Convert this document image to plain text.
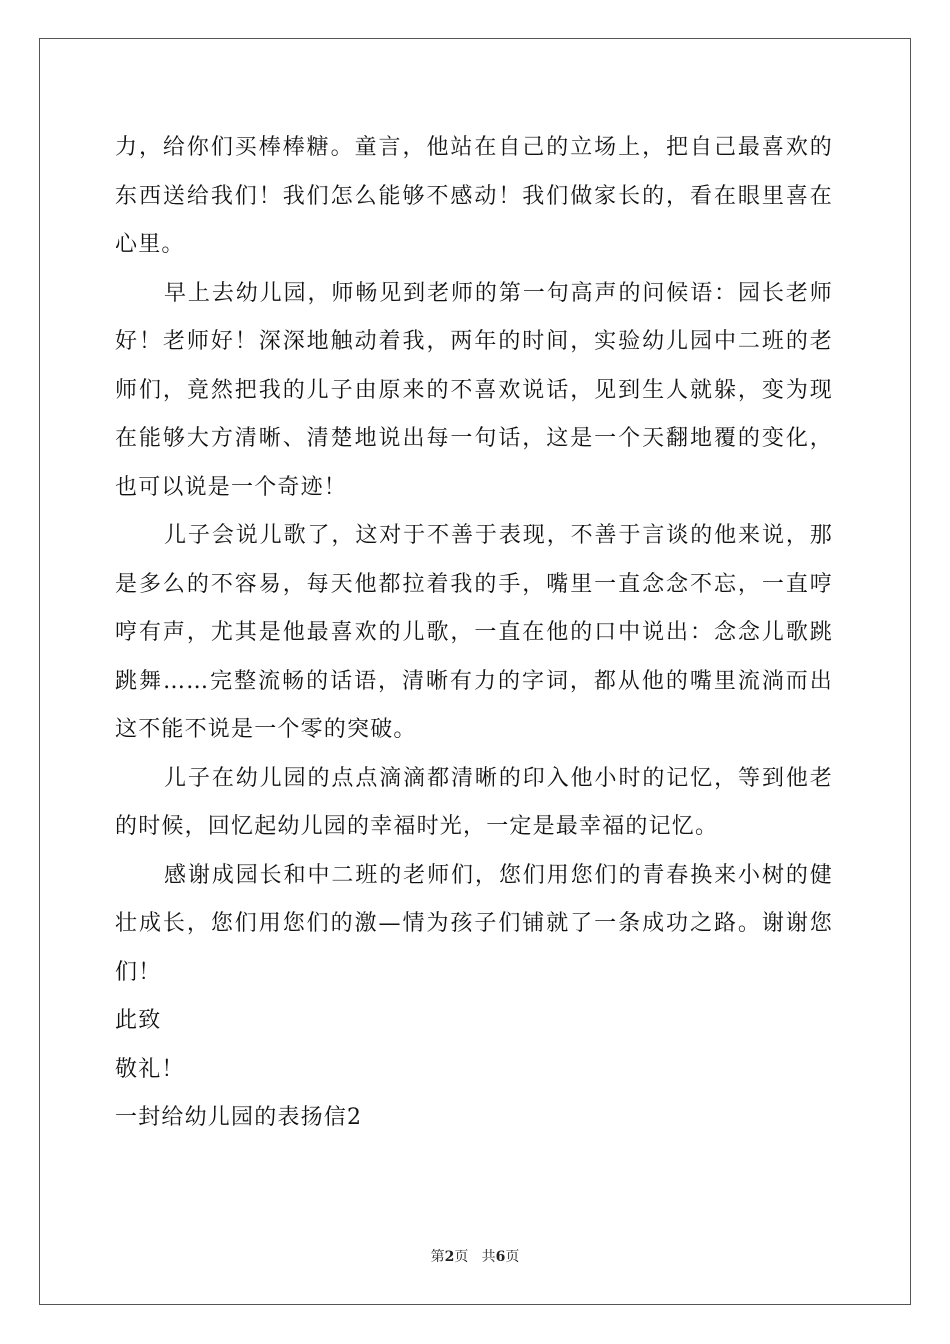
力，给你们买棒棒糖。童言，他站在自己的立场上，把自己最喜欢的
东西送给我们！我们怎么能够不感动！我们做家长的，看在眼里喜在
心里。
早上去幼儿园，师畅见到老师的第一句高声的问候语：园长老师
好！老师好！深深地触动着我，两年的时间，实验幼儿园中二班的老
师们，竟然把我的儿子由原来的不喜欢说话，见到生人就躲，变为现
在能够大方清晰、清楚地说出每一句话，这是一个天翻地覆的变化，
也可以说是一个奇迹！
儿子会说儿歌了，这对于不善于表现，不善于言谈的他来说，那
是多么的不容易，每天他都拉着我的手，嘴里一直念念不忘，一直哼
哼有声，尤其是他最喜欢的儿歌，一直在他的口中说出：念念儿歌跳
跳舞……完整流畅的话语，清晰有力的字词，都从他的嘴里流淌而出
这不能不说是一个零的突破。
儿子在幼儿园的点点滴滴都清晰的印入他小时的记忆，等到他老
的时候，回忆起幼儿园的幸福时光，一定是最幸福的记忆。
感谢成园长和中二班的老师们，您们用您们的青春换来小树的健
壮成长，您们用您们的激—情为孩子们铺就了一条成功之路。谢谢您
们！
此致
敬礼！
一封给幼儿园的表扬信2
第2页 共6页
